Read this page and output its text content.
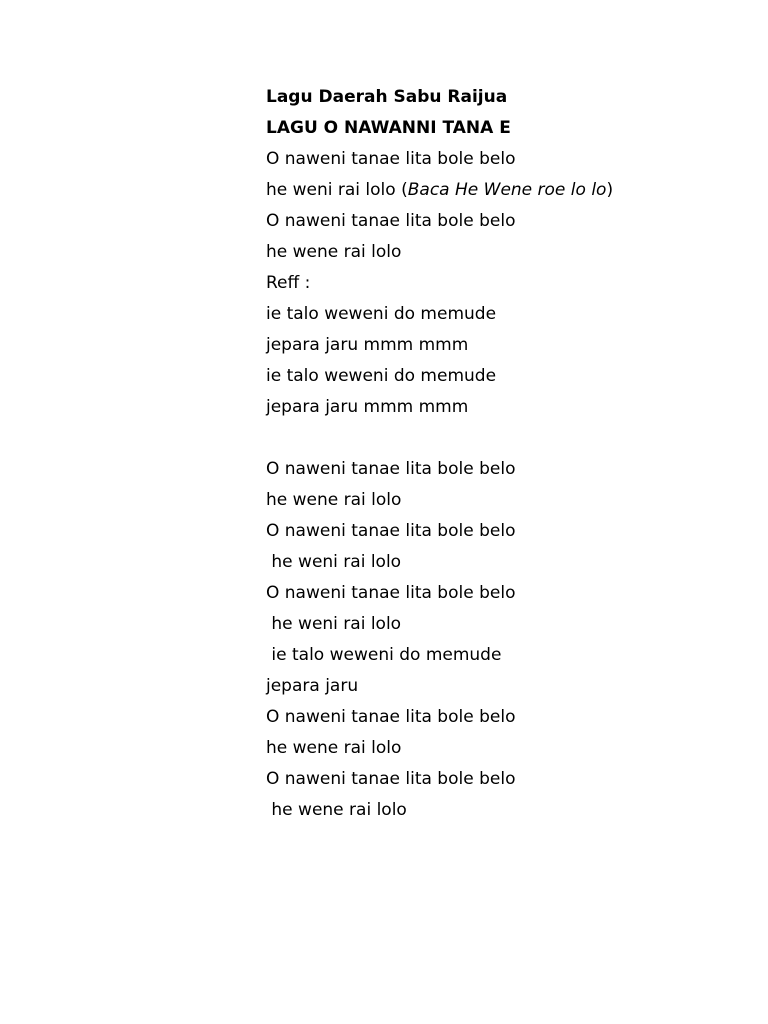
Lagu Daerah Sabu Raijua
LAGU O NAWANNI TANA E
O naweni tanae lita bole belo
he weni rai lolo (Baca He Wene roe lo lo)
O naweni tanae lita bole belo
he wene rai lolo
Reff :
ie talo weweni do memude
jepara jaru mmm mmm
ie talo weweni do memude
jepara jaru mmm mmm
O naweni tanae lita bole belo
he wene rai lolo
O naweni tanae lita bole belo
he weni rai lolo
O naweni tanae lita bole belo
he weni rai lolo
ie talo weweni do memude
jepara jaru
O naweni tanae lita bole belo
he wene rai lolo
O naweni tanae lita bole belo
he wene rai lolo
